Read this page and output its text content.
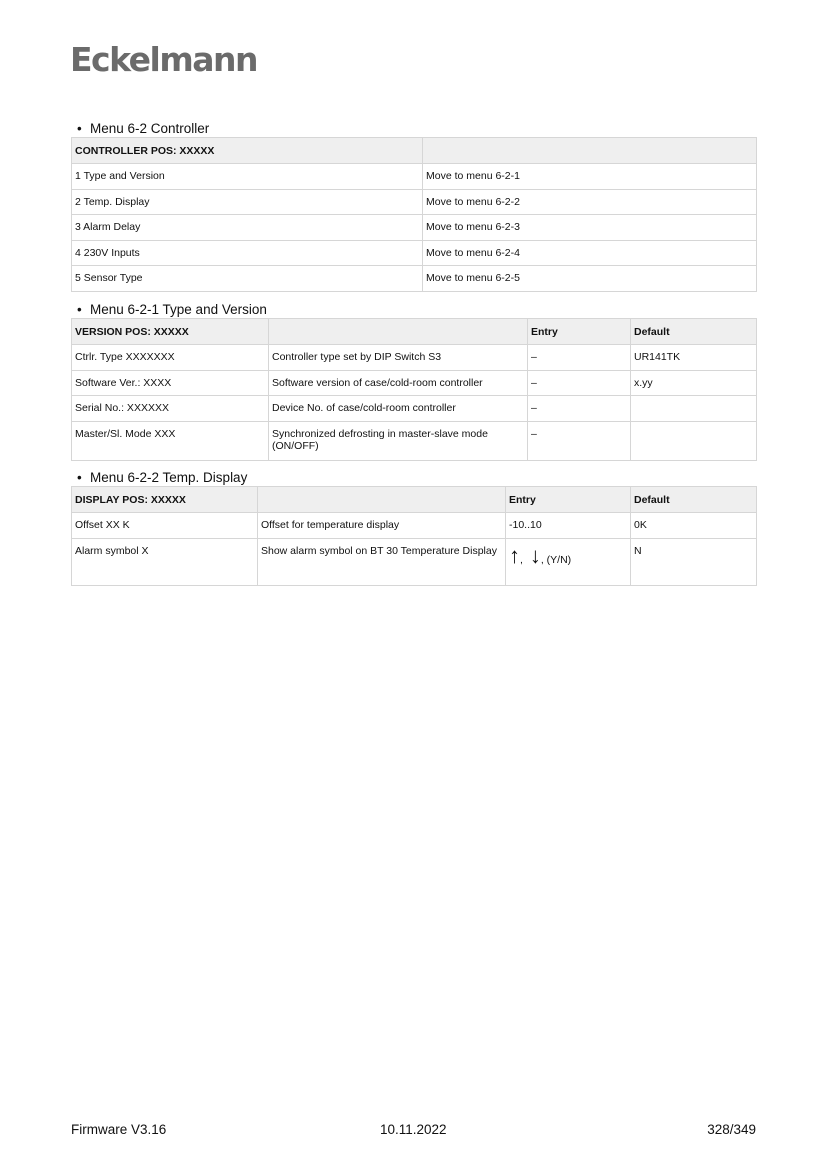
Eckelmann
• Menu 6-2 Controller
CONTROLLER POS: XXXXX	
1 Type and Version	Move to menu 6-2-1
2 Temp. Display	Move to menu 6-2-2
3 Alarm Delay	Move to menu 6-2-3
4 230V Inputs	Move to menu 6-2-4
5 Sensor Type	Move to menu 6-2-5
• Menu 6-2-1 Type and Version
VERSION POS: XXXXX		Entry	Default
Ctrlr. Type XXXXXXX	Controller type set by DIP Switch S3	–	UR141TK
Software Ver.: XXXX	Software version of case/cold-room controller	–	x.yy
Serial No.: XXXXXX	Device No. of case/cold-room controller	–	
Master/Sl. Mode XXX	Synchronized defrosting in master-slave mode (ON/OFF)	–	
• Menu 6-2-2 Temp. Display
DISPLAY POS: XXXXX		Entry	Default
Offset XX K	Offset for temperature display	-10..10	0K
Alarm symbol X	Show alarm symbol on BT 30 Temperature Display	↑, ↓, (Y/N)	N
Firmware V3.16	10.11.2022	328/349
